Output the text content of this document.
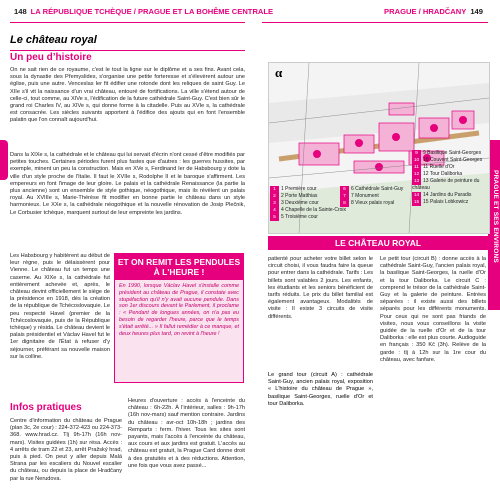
148 LA RÉPUBLIQUE TCHÈQUE / PRAGUE ET LA BOHÊME CENTRALE	PRAGUE / HRADČANY 149
PRAGUE ET SES ENVIRONS
Le château royal
Un peu d’histoire
On ne sait rien de ce royaume, c'est le tout la ligne sur le diplôme et a ses fins. Avant cela, sous la dynastie des Přemyslides, s'organise une petite forteresse et s'élevèrent autour une église, puis une autre. Venceslas Ier fit édifier une rotonde dont les reliques de saint Guy. Le XIIe s'il vit la naissance d'un vrai château, entouré de fortifications. La ville s'étend autour de celle-ci, tout comme, au XIVe s, l'édification de la future cathédrale Saint-Guy. C'est bien sûr le grand roi Charles IV, au XIVe s, qui donne forme à la citadelle. Puis au XVIe s, la cathédrale est consacrée. Les siècles suivants apportent à l'édifice des ajouts qui en font l'ensemble palatin que l'on connaît aujourd'hui.
Dans la XIXe s, la cathédrale et le château qui lui servait d'écrin n'ont cessé d'être modifiés par petites touches. Certaines périodes furent plus fastes que d'autres : les guerres hussites, par exemple, minent un peu la construction. Mais en XVe s, Ferdinand Ier de Habsbourg y dote la ville d'un style proche de l'Italie. Il faut le XVIIe s, Rodolphe II et le baroque s'affirment. Les empereurs en font l'image de leur gloire. Le palais et la cathédrale Renaissance (la partie la plus ancienne) sont un ensemble de style gothique, néogothique, mais ils révèlent un palais royal. Au XVIIIe s, Marie-Thérèse fit modifier en bonne partie le château dans un style harmonieux. Le XXe s, la cathédrale néogothique et la nouvelle rénovation de Josip Plečnik, Le Corbusier tchèque, marquent surtout de leur empreinte les jardins.
Les Habsbourg y habitèrent au début de leur règne, puis le délaissèrent pour Vienne. Le château fut un temps une caserne. Au XIXe s, la cathédrale fut entièrement achevée et, après, le château devint officiellement le siège de la présidence en 1918, dès la création de la république de Tchécoslovaquie. Le peu respecté Havel (premier de la Tchécoslovaquie, puis de la République tchèque) y résida. Le château devient le palais présidentiel et Václav Havel fut le 1er dignitaire de l'État à refuser d'y séjourner, préférant sa nouvelle maison sur la colline.
ET ON REMIT LES PENDULES À L'HEURE !
En 1990, lorsque Václav Havel s'installe comme président au château de Prague, il constate avec stupéfaction qu'il n'y avait aucune pendule. Dans son 1er discours devant le Parlement, il proclame : « Pendant de longues années, on n'a pas eu besoin de regarder l'heure, parce que le temps s'était arrêté... » Il fallut remédier à ce manque, et deux heures plus tard, on revint à l'heure !
Infos pratiques
Centre d'information du château de Prague (plan 3c, 2e cour) : 224-372-423 ou 224-373-368. www.hrad.cz. Tlj 9h-17h (16h nov-mars). Visites guidées (1h) sur résa. Accès : 4 arrêts de tram 22 et 23, arrêt Pražský hrad, puis à pied. On peut y aller depuis Malá Strana par les escaliers du Nouvel escalier du château, ou depuis la place de Hradčany par la rue Nerudova.
Heures d'ouverture : accès à l'enceinte du château : 6h-22h. À l'intérieur, salles : 9h-17h (16h nov-mars) sauf mention contraire. Jardins du château : avr-oct 10h-18h ; jardins des Remparts : ferm. l'hiver. Tous les sites sont payants, mais l'accès à l'enceinte du château, aux cours et aux jardins est gratuit. L'accès au château est gratuit, la Prague Card donne droit à des gratuités et à des réductions. Attention, une fois que vous avez passé...
α
1 1 Première cour
2 2 Porte Matthias
3 3 Deuxième cour
4 4 Chapelle de la Sainte-Croix
5 5 Troisième cour
6 6 Cathédrale Saint-Guy
7 7 Monument
8 8 Vieux palais royal
9 9 Basilique Saint-Georges
10 10 Couvent Saint-Georges
11 11 Ruelle d'Or
12 12 Tour Daliborka
13 13 Galerie de peinture du château
14 14 Jardins du Paradis
15 15 Palais Lobkowicz
LE CHÂTEAU ROYAL
patienté pour acheter votre billet selon le circuit choisi, il vous faudra faire la queue pour entrer dans la cathédrale. Tarifs : Les billets sont valables 2 jours. Les enfants, les étudiants et les seniors bénéficient de tarifs réduits. Le prix du billet familial est également avantageux. Modalités de visite : Il existe 3 circuits de visite différents.
Le grand tour (circuit A) : cathédrale Saint-Guy, ancien palais royal, exposition « L'histoire du château de Prague », basilique Saint-Georges, ruelle d'Or et tour Daliborka.
Le petit tour (circuit B) : donne accès à la cathédrale Saint-Guy, l'ancien palais royal, la basilique Saint-Georges, la ruelle d'Or et la tour Daliborka. Le circuit C : comprend le trésor de la cathédrale Saint-Guy et la galerie de peinture. Entrées séparées : il existe aussi des billets séparés pour les différents monuments. Pour ceux qui ne sont pas friands de visites, nous vous conseillons la visite guidée de la ruelle d'Or et de la tour Daliborka : elle est plus courte. Audioguide en français : 350 Kč (3h). Relève de la garde : tlj à 12h sur la 1re cour du château, avec fanfare.
